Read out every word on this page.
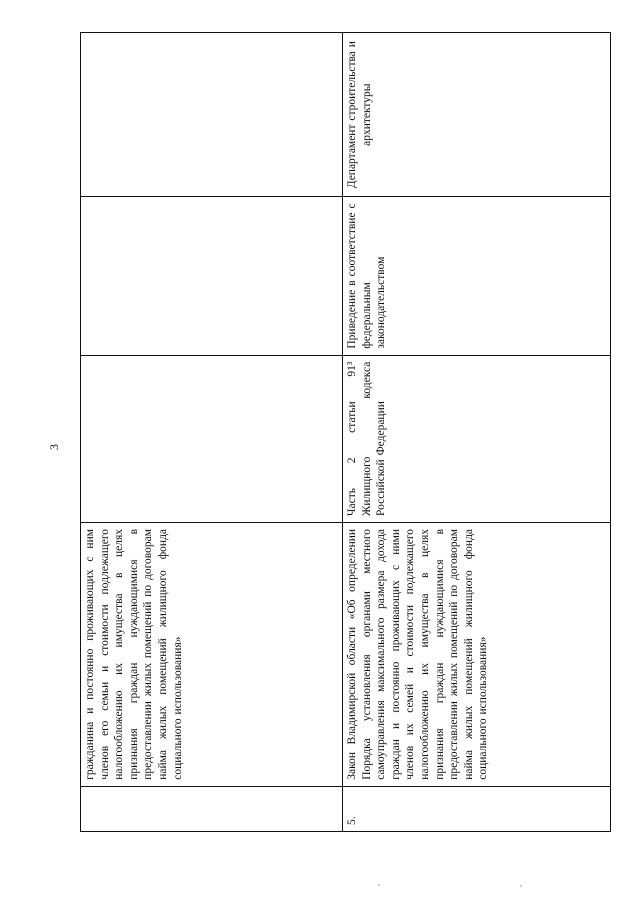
3

	гражданина и постоянно проживающих с ним членов его семьи и стоимости подлежащего налогообложению их имущества в целях признания граждан нуждающимися в предоставлении жилых помещений по договорам найма жилых помещений жилищного фонда социального использования»			

5.	Закон Владимирской области «Об определении Порядка установления органами местного самоуправления максимального размера дохода граждан и постоянно проживающих с ними членов их семей и стоимости подлежащего налогообложению их имущества в целях признания граждан нуждающимися в предоставлении жилых помещений по договорам найма жилых помещений жилищного фонда социального использования»	Часть 2 статьи 91³ Жилищного кодекса Российской Федерации	Приведение в соответствие с федеральным законодательством	Департамент строительства и архитектуры
